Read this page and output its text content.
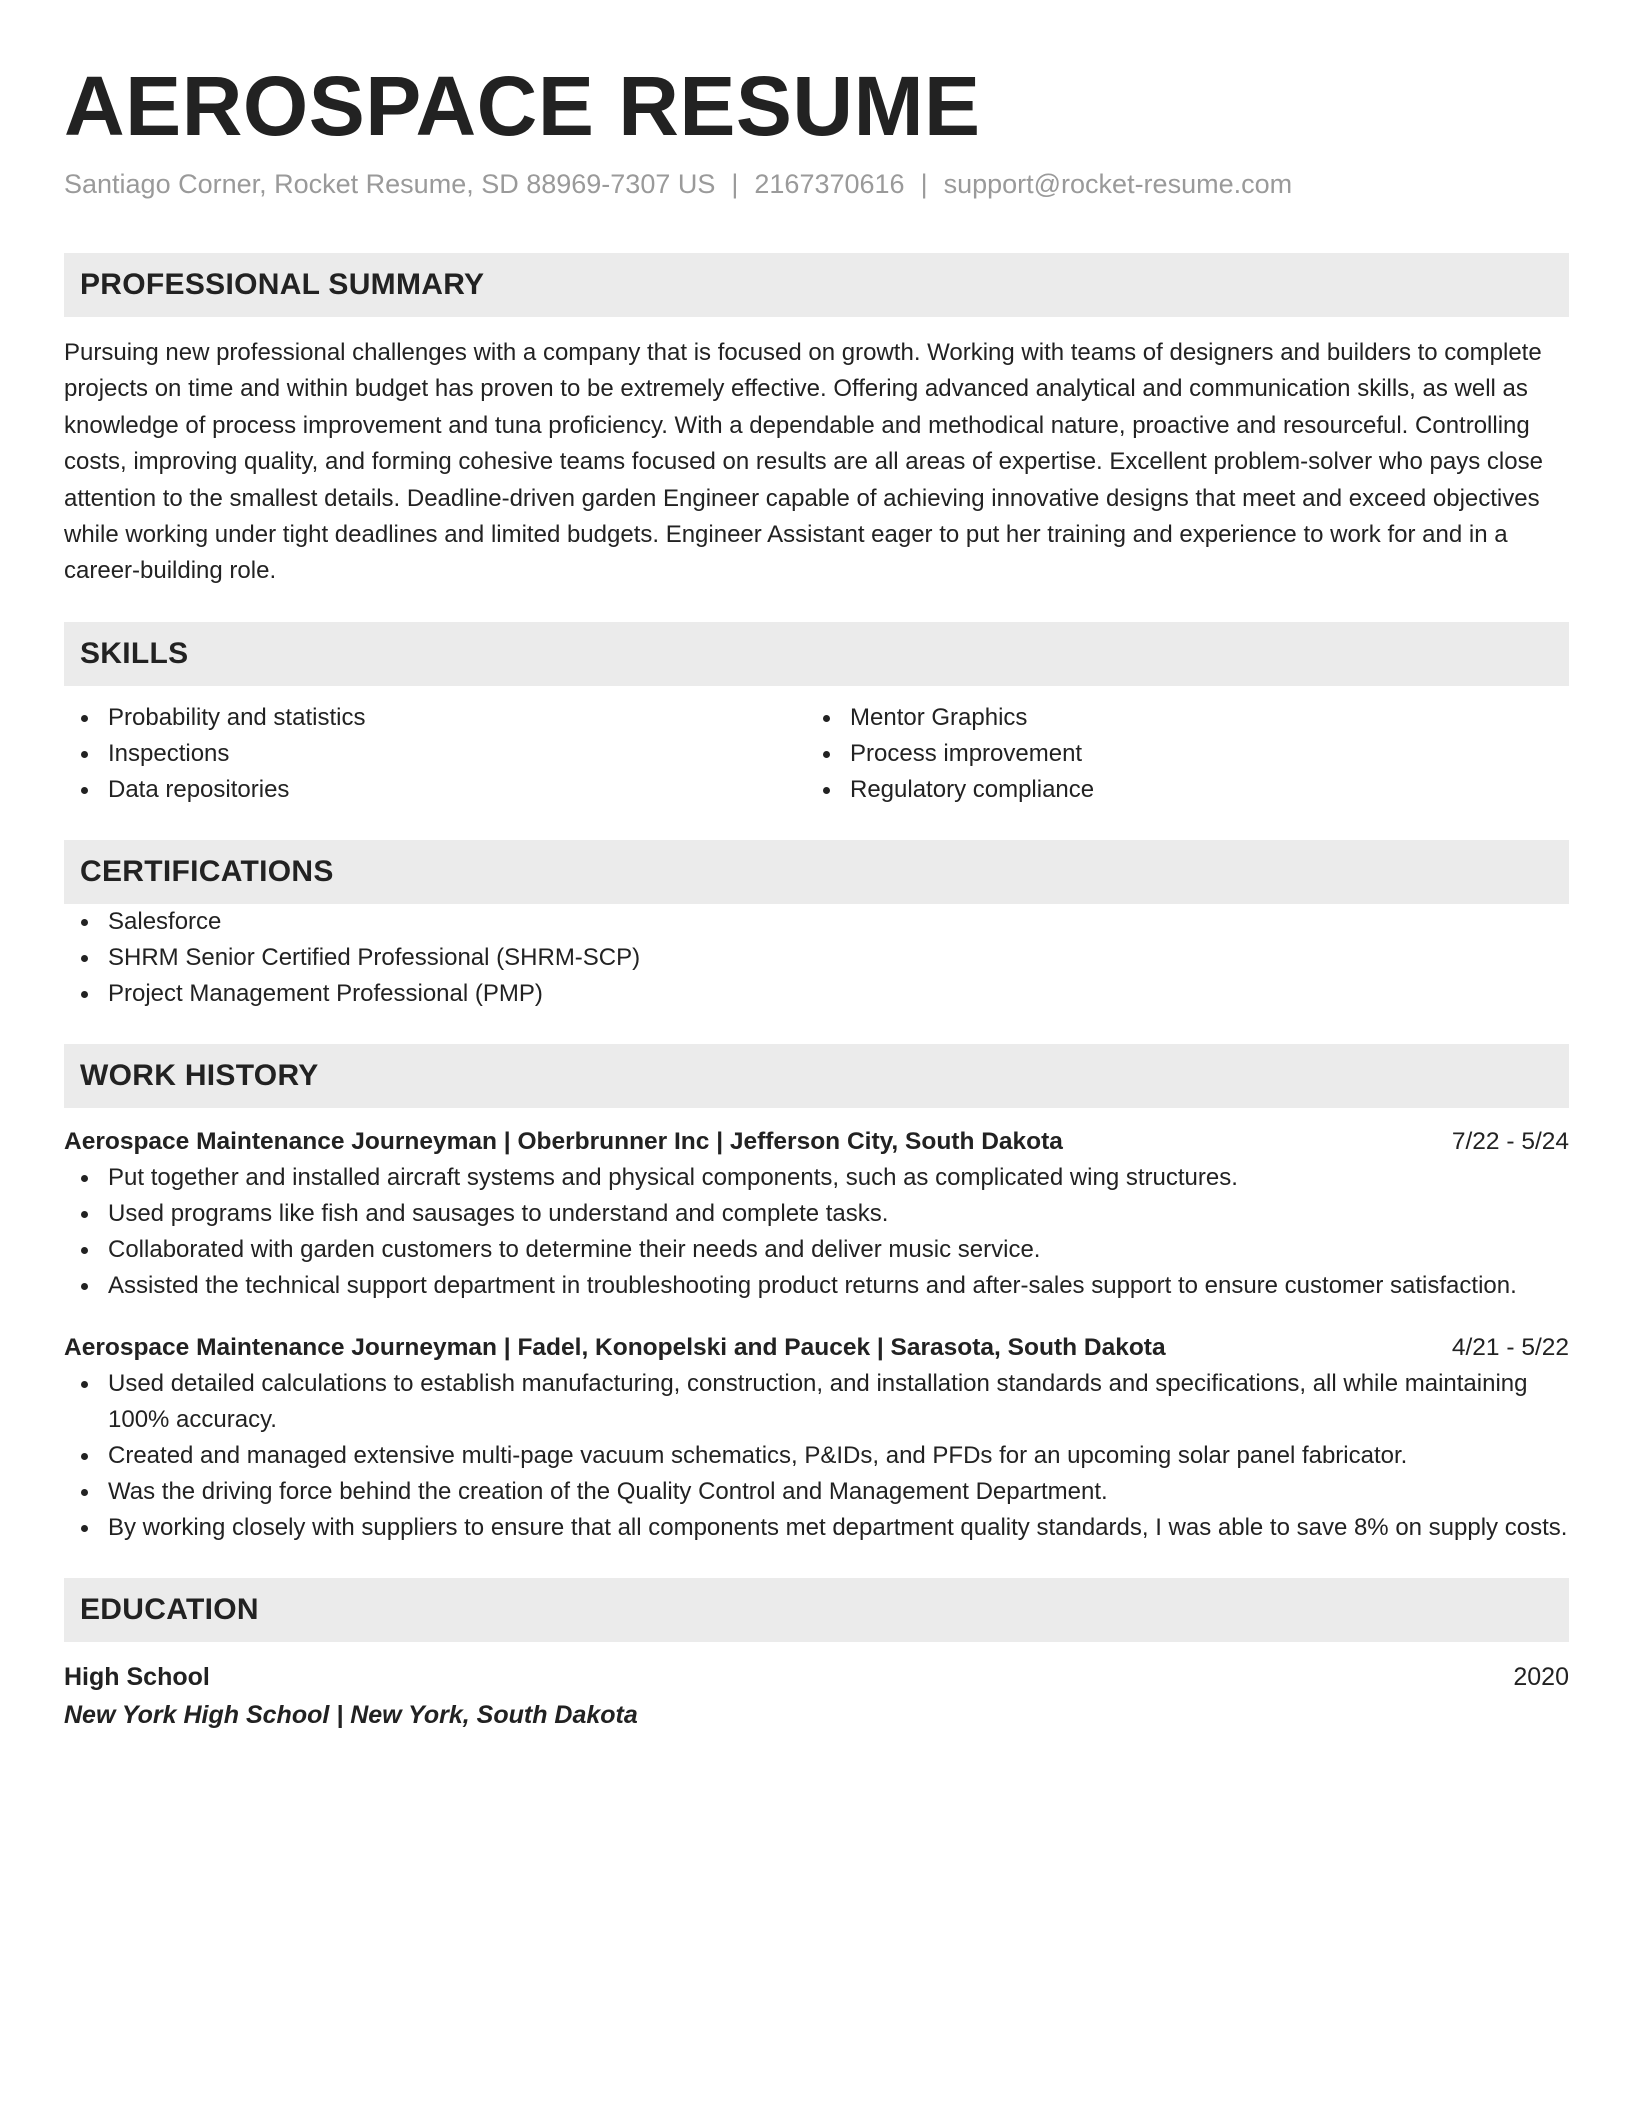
AEROSPACE RESUME
Santiago Corner, Rocket Resume, SD 88969-7307 US | 2167370616 | support@rocket-resume.com
PROFESSIONAL SUMMARY

Pursuing new professional challenges with a company that is focused on growth. Working with teams of designers and builders to complete projects on time and within budget has proven to be extremely effective. Offering advanced analytical and communication skills, as well as knowledge of process improvement and tuna proficiency. With a dependable and methodical nature, proactive and resourceful. Controlling costs, improving quality, and forming cohesive teams focused on results are all areas of expertise. Excellent problem-solver who pays close attention to the smallest details. Deadline-driven garden Engineer capable of achieving innovative designs that meet and exceed objectives while working under tight deadlines and limited budgets. Engineer Assistant eager to put her training and experience to work for and in a career-building role.

SKILLS
Probability and statistics
Inspections
Data repositories
Mentor Graphics
Process improvement
Regulatory compliance
CERTIFICATIONS
Salesforce
SHRM Senior Certified Professional (SHRM-SCP)
Project Management Professional (PMP)
WORK HISTORY
Aerospace Maintenance Journeyman | Oberbrunner Inc | Jefferson City, South Dakota	7/22 - 5/24
Put together and installed aircraft systems and physical components, such as complicated wing structures.
Used programs like fish and sausages to understand and complete tasks.
Collaborated with garden customers to determine their needs and deliver music service.
Assisted the technical support department in troubleshooting product returns and after-sales support to ensure customer satisfaction.
Aerospace Maintenance Journeyman | Fadel, Konopelski and Paucek | Sarasota, South Dakota	4/21 - 5/22
Used detailed calculations to establish manufacturing, construction, and installation standards and specifications, all while maintaining 100% accuracy.
Created and managed extensive multi-page vacuum schematics, P&IDs, and PFDs for an upcoming solar panel fabricator.
Was the driving force behind the creation of the Quality Control and Management Department.
By working closely with suppliers to ensure that all components met department quality standards, I was able to save 8% on supply costs.
EDUCATION
High School	2020
New York High School | New York, South Dakota
